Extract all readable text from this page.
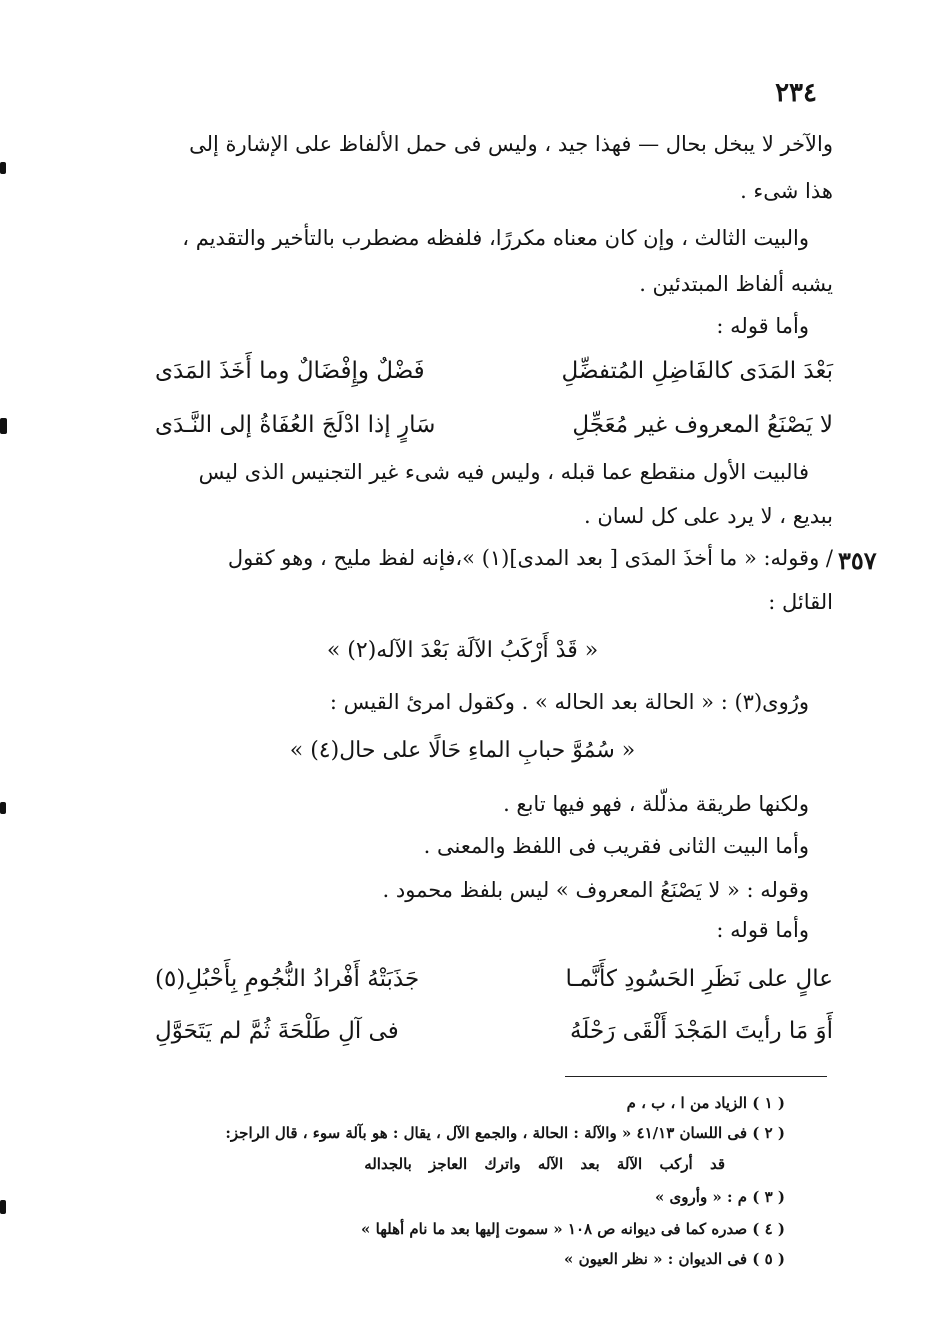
٢٣٤
والآخر لا يبخل بحال — فهذا جيد ، وليس فى حمل الألفاظ على الإشارة إلى
هذا شىء .
والبيت الثالث ، وإن كان معناه مكررًا، فلفظه مضطرب بالتأخير والتقديم ،
يشبه ألفاظ المبتدئين .
وأما قوله :
بَعْدَ المَدَى كالفَاضِلِ المُتفضِّلِ
فَضْلٌ وإِفْضَالٌ وما أَخَذَ المَدَى
لا يَصْنَعُ المعروف غير مُعَجِّلِ
سَارٍ إذا ادْلَجَ العُفَاةُ إلى النَّـدَى
فالبيت الأول منقطع عما قبله ، وليس فيه شىء غير التجنيس الذى ليس
ببديع ، لا يرد على كل لسان .
٣٥٧
/ وقوله: « ما أخذَ المدَى [ بعد المدى](١) »،فإنه لفظ مليح ، وهو كقول
القائل :
« قَدْ أَرْكَبُ الآلَة بَعْدَ الآله(٢) »
ورُوى(٣) : « الحالة بعد الحاله » . وكقول امرئ القيس :
« سُمُوَّ حبابِ الماءِ حَالًا على حال(٤) »
ولكنها طريقة مذلّلة ، فهو فيها تابع .
وأما البيت الثانى فقريب فى اللفظ والمعنى .
وقوله : « لا يَصْنَعُ المعروف » ليس بلفظ محمود .
وأما قوله :
عالٍ على نَظَرِ الحَسُودِ كأَنَّمـا
جَذَبَتْهُ أَفْرادُ النُّجُومِ بِأَحْبُلِ(٥)
أَوَ مَا رأيتَ المَجْدَ أَلْقَى رَحْلَهُ
فى آلِ طَلْحَةَ ثُمَّ لم يَتَحَوَّلِ
( ١ ) الزياد من ا ، ب ، م
( ٢ ) فى اللسان ٤١/١٣ « والآلة : الحالة ، والجمع الآل ، يقال : هو بآلة سوء ، قال الراجز:
قد أركب الآلة بعد الآله واترك العاجز بالجداله
( ٣ ) م : « وأروى »
( ٤ ) صدره كما فى ديوانه ص ١٠٨ « سموت إليها بعد ما نام أهلها »
( ٥ ) فى الديوان : « نظر العيون »
